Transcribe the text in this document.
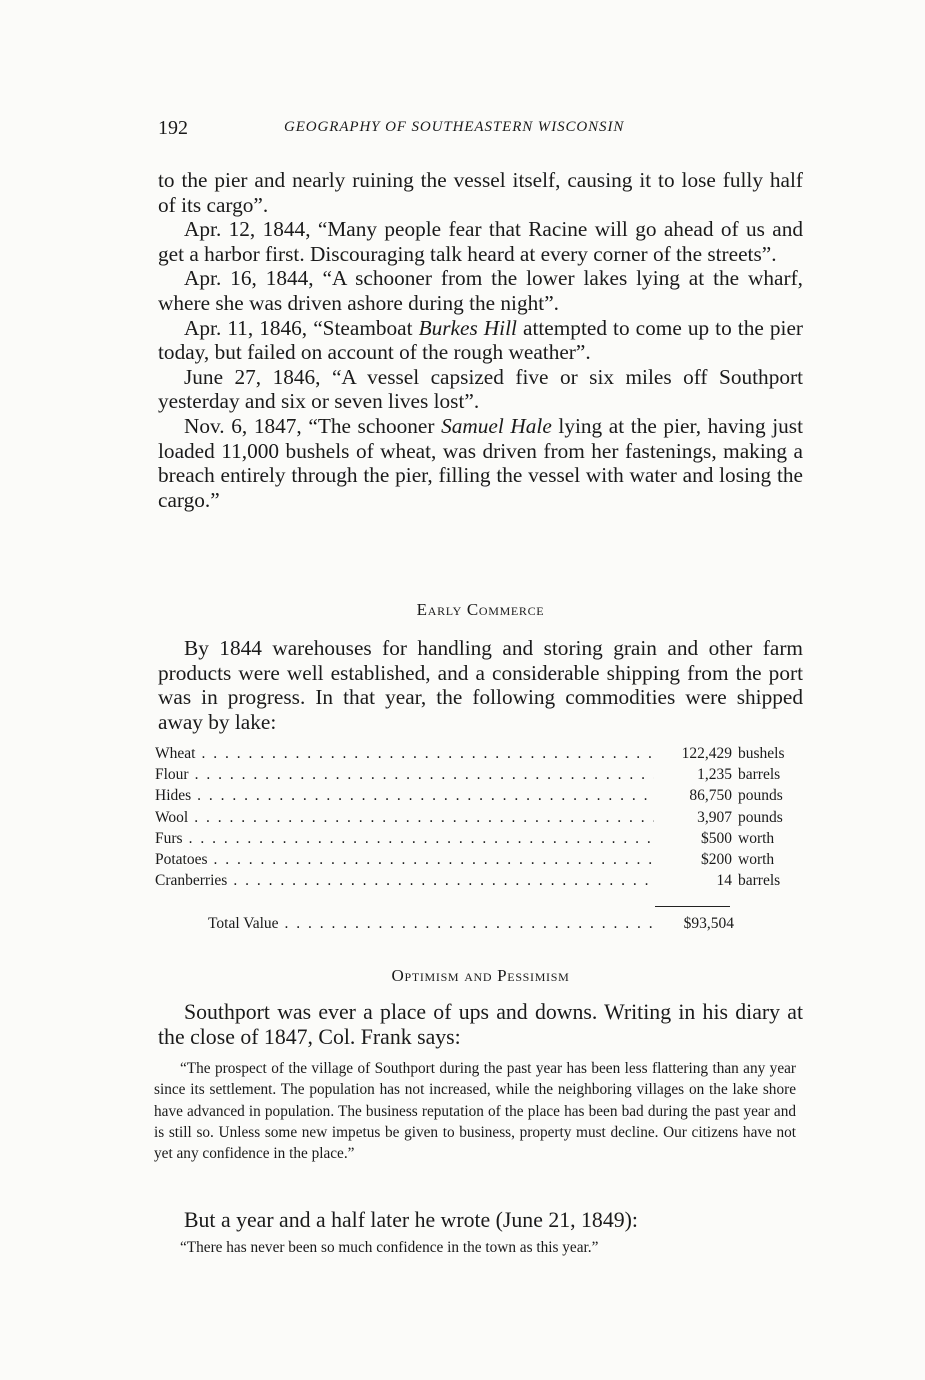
192	GEOGRAPHY OF SOUTHEASTERN WISCONSIN

to the pier and nearly ruining the vessel itself, causing it to lose fully half of its cargo”.

Apr. 12, 1844, “Many people fear that Racine will go ahead of us and get a harbor first. Discouraging talk heard at every corner of the streets”.

Apr. 16, 1844, “A schooner from the lower lakes lying at the wharf, where she was driven ashore during the night”.

Apr. 11, 1846, “Steamboat Burkes Hill attempted to come up to the pier today, but failed on account of the rough weather”.

June 27, 1846, “A vessel capsized five or six miles off Southport yesterday and six or seven lives lost”.

Nov. 6, 1847, “The schooner Samuel Hale lying at the pier, having just loaded 11,000 bushels of wheat, was driven from her fastenings, making a breach entirely through the pier, filling the vessel with water and losing the cargo.”

Early Commerce

By 1844 warehouses for handling and storing grain and other farm products were well established, and a considerable shipping from the port was in progress. In that year, the following commodities were shipped away by lake:

Wheat . . .	122,429 bushels
Flour . . .	1,235 barrels
Hides . . .	86,750 pounds
Wool . . .	3,907 pounds
Furs . . .	$500 worth
Potatoes . . .	$200 worth
Cranberries . . .	14 barrels
Total Value . . .	$93,504
Optimism and Pessimism

Southport was ever a place of ups and downs. Writing in his diary at the close of 1847, Col. Frank says:

“The prospect of the village of Southport during the past year has been less flattering than any year since its settlement. The population has not increased, while the neighboring villages on the lake shore have advanced in population. The business reputation of the place has been bad during the past year and is still so. Unless some new impetus be given to business, property must decline. Our citizens have not yet any confidence in the place.”

But a year and a half later he wrote (June 21, 1849):

“There has never been so much confidence in the town as this year.”
